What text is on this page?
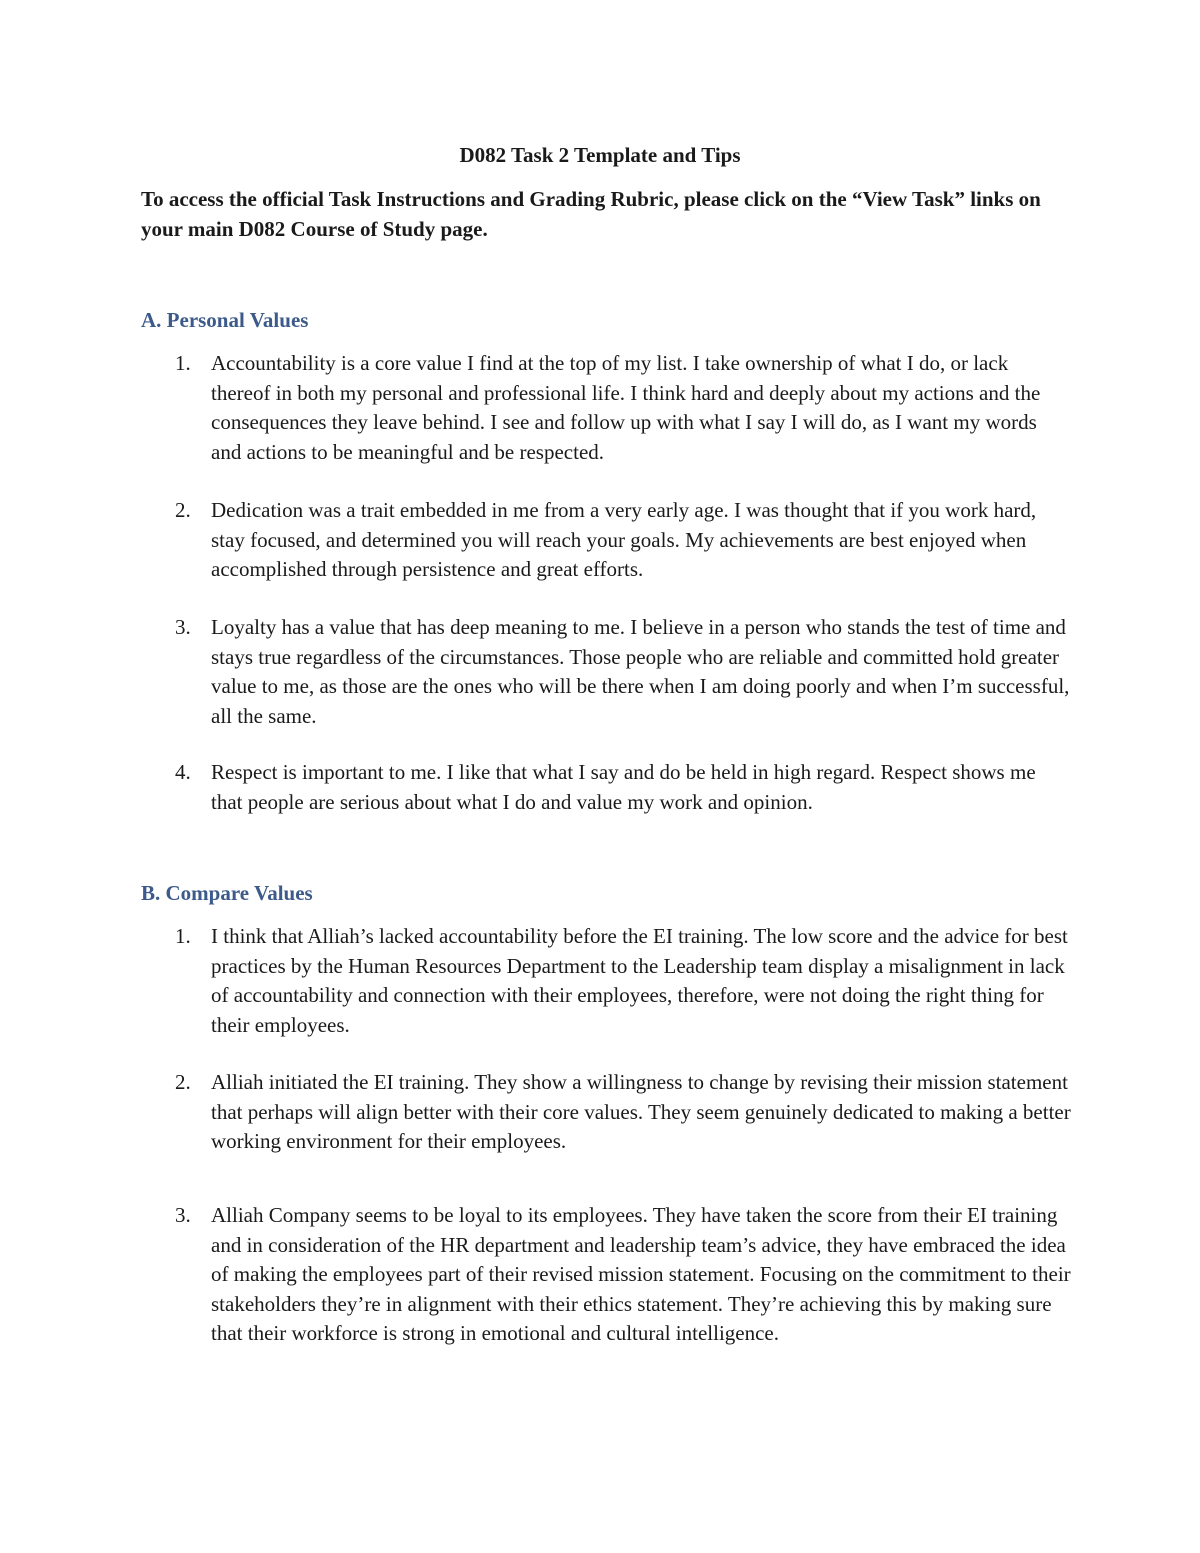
D082 Task 2 Template and Tips

To access the official Task Instructions and Grading Rubric, please click on the “View Task” links on your main D082 Course of Study page.

A. Personal Values
1. Accountability is a core value I find at the top of my list. I take ownership of what I do, or lack thereof in both my personal and professional life. I think hard and deeply about my actions and the consequences they leave behind. I see and follow up with what I say I will do, as I want my words and actions to be meaningful and be respected.
2. Dedication was a trait embedded in me from a very early age. I was thought that if you work hard, stay focused, and determined you will reach your goals. My achievements are best enjoyed when accomplished through persistence and great efforts.
3. Loyalty has a value that has deep meaning to me. I believe in a person who stands the test of time and stays true regardless of the circumstances. Those people who are reliable and committed hold greater value to me, as those are the ones who will be there when I am doing poorly and when I’m successful, all the same.
4. Respect is important to me. I like that what I say and do be held in high regard. Respect shows me that people are serious about what I do and value my work and opinion.
B. Compare Values
1. I think that Alliah’s lacked accountability before the EI training. The low score and the advice for best practices by the Human Resources Department to the Leadership team display a misalignment in lack of accountability and connection with their employees, therefore, were not doing the right thing for their employees.
2. Alliah initiated the EI training. They show a willingness to change by revising their mission statement that perhaps will align better with their core values. They seem genuinely dedicated to making a better working environment for their employees.
3. Alliah Company seems to be loyal to its employees. They have taken the score from their EI training and in consideration of the HR department and leadership team’s advice, they have embraced the idea of making the employees part of their revised mission statement. Focusing on the commitment to their stakeholders they’re in alignment with their ethics statement. They’re achieving this by making sure that their workforce is strong in emotional and cultural intelligence.
